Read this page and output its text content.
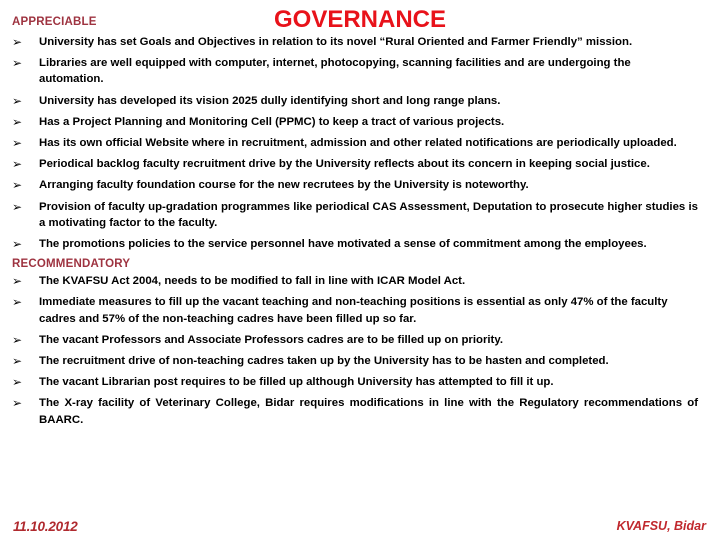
APPRECIABLE	GOVERNANCE
➢ University has set Goals and Objectives in relation to its novel “Rural Oriented and Farmer Friendly” mission.
➢ Libraries are well equipped with computer, internet, photocopying, scanning facilities and are undergoing the automation.
➢ University has developed its vision 2025 dully identifying short and long range plans.
➢ Has a Project Planning and Monitoring Cell (PPMC) to keep a tract of various projects.
➢ Has its own official Website where in recruitment, admission and other related notifications are periodically uploaded.
➢ Periodical backlog faculty recruitment drive by the University reflects about its concern in keeping social justice.
➢ Arranging faculty foundation course for the new recrutees by the University is noteworthy.
➢ Provision of faculty up-gradation programmes like periodical CAS Assessment, Deputation to prosecute higher studies is a motivating factor to the faculty.
➢ The promotions policies to the service personnel have motivated a sense of commitment among the employees.
RECOMMENDATORY
➢ The KVAFSU Act 2004, needs to be modified to fall in line with ICAR Model Act.
➢ Immediate measures to fill up the vacant teaching and non-teaching positions is essential as only 47% of the faculty cadres and 57% of the non-teaching cadres have been filled up so far.
➢ The vacant Professors and Associate Professors cadres are to be filled up on priority.
➢ The recruitment drive of non-teaching cadres taken up by the University has to be hasten and completed.
➢ The vacant Librarian post requires to be filled up although University has attempted to fill it up.
➢ The X-ray facility of Veterinary College, Bidar requires modifications in line with the Regulatory recommendations of BAARC.
11.10.2012	KVAFSU, Bidar
